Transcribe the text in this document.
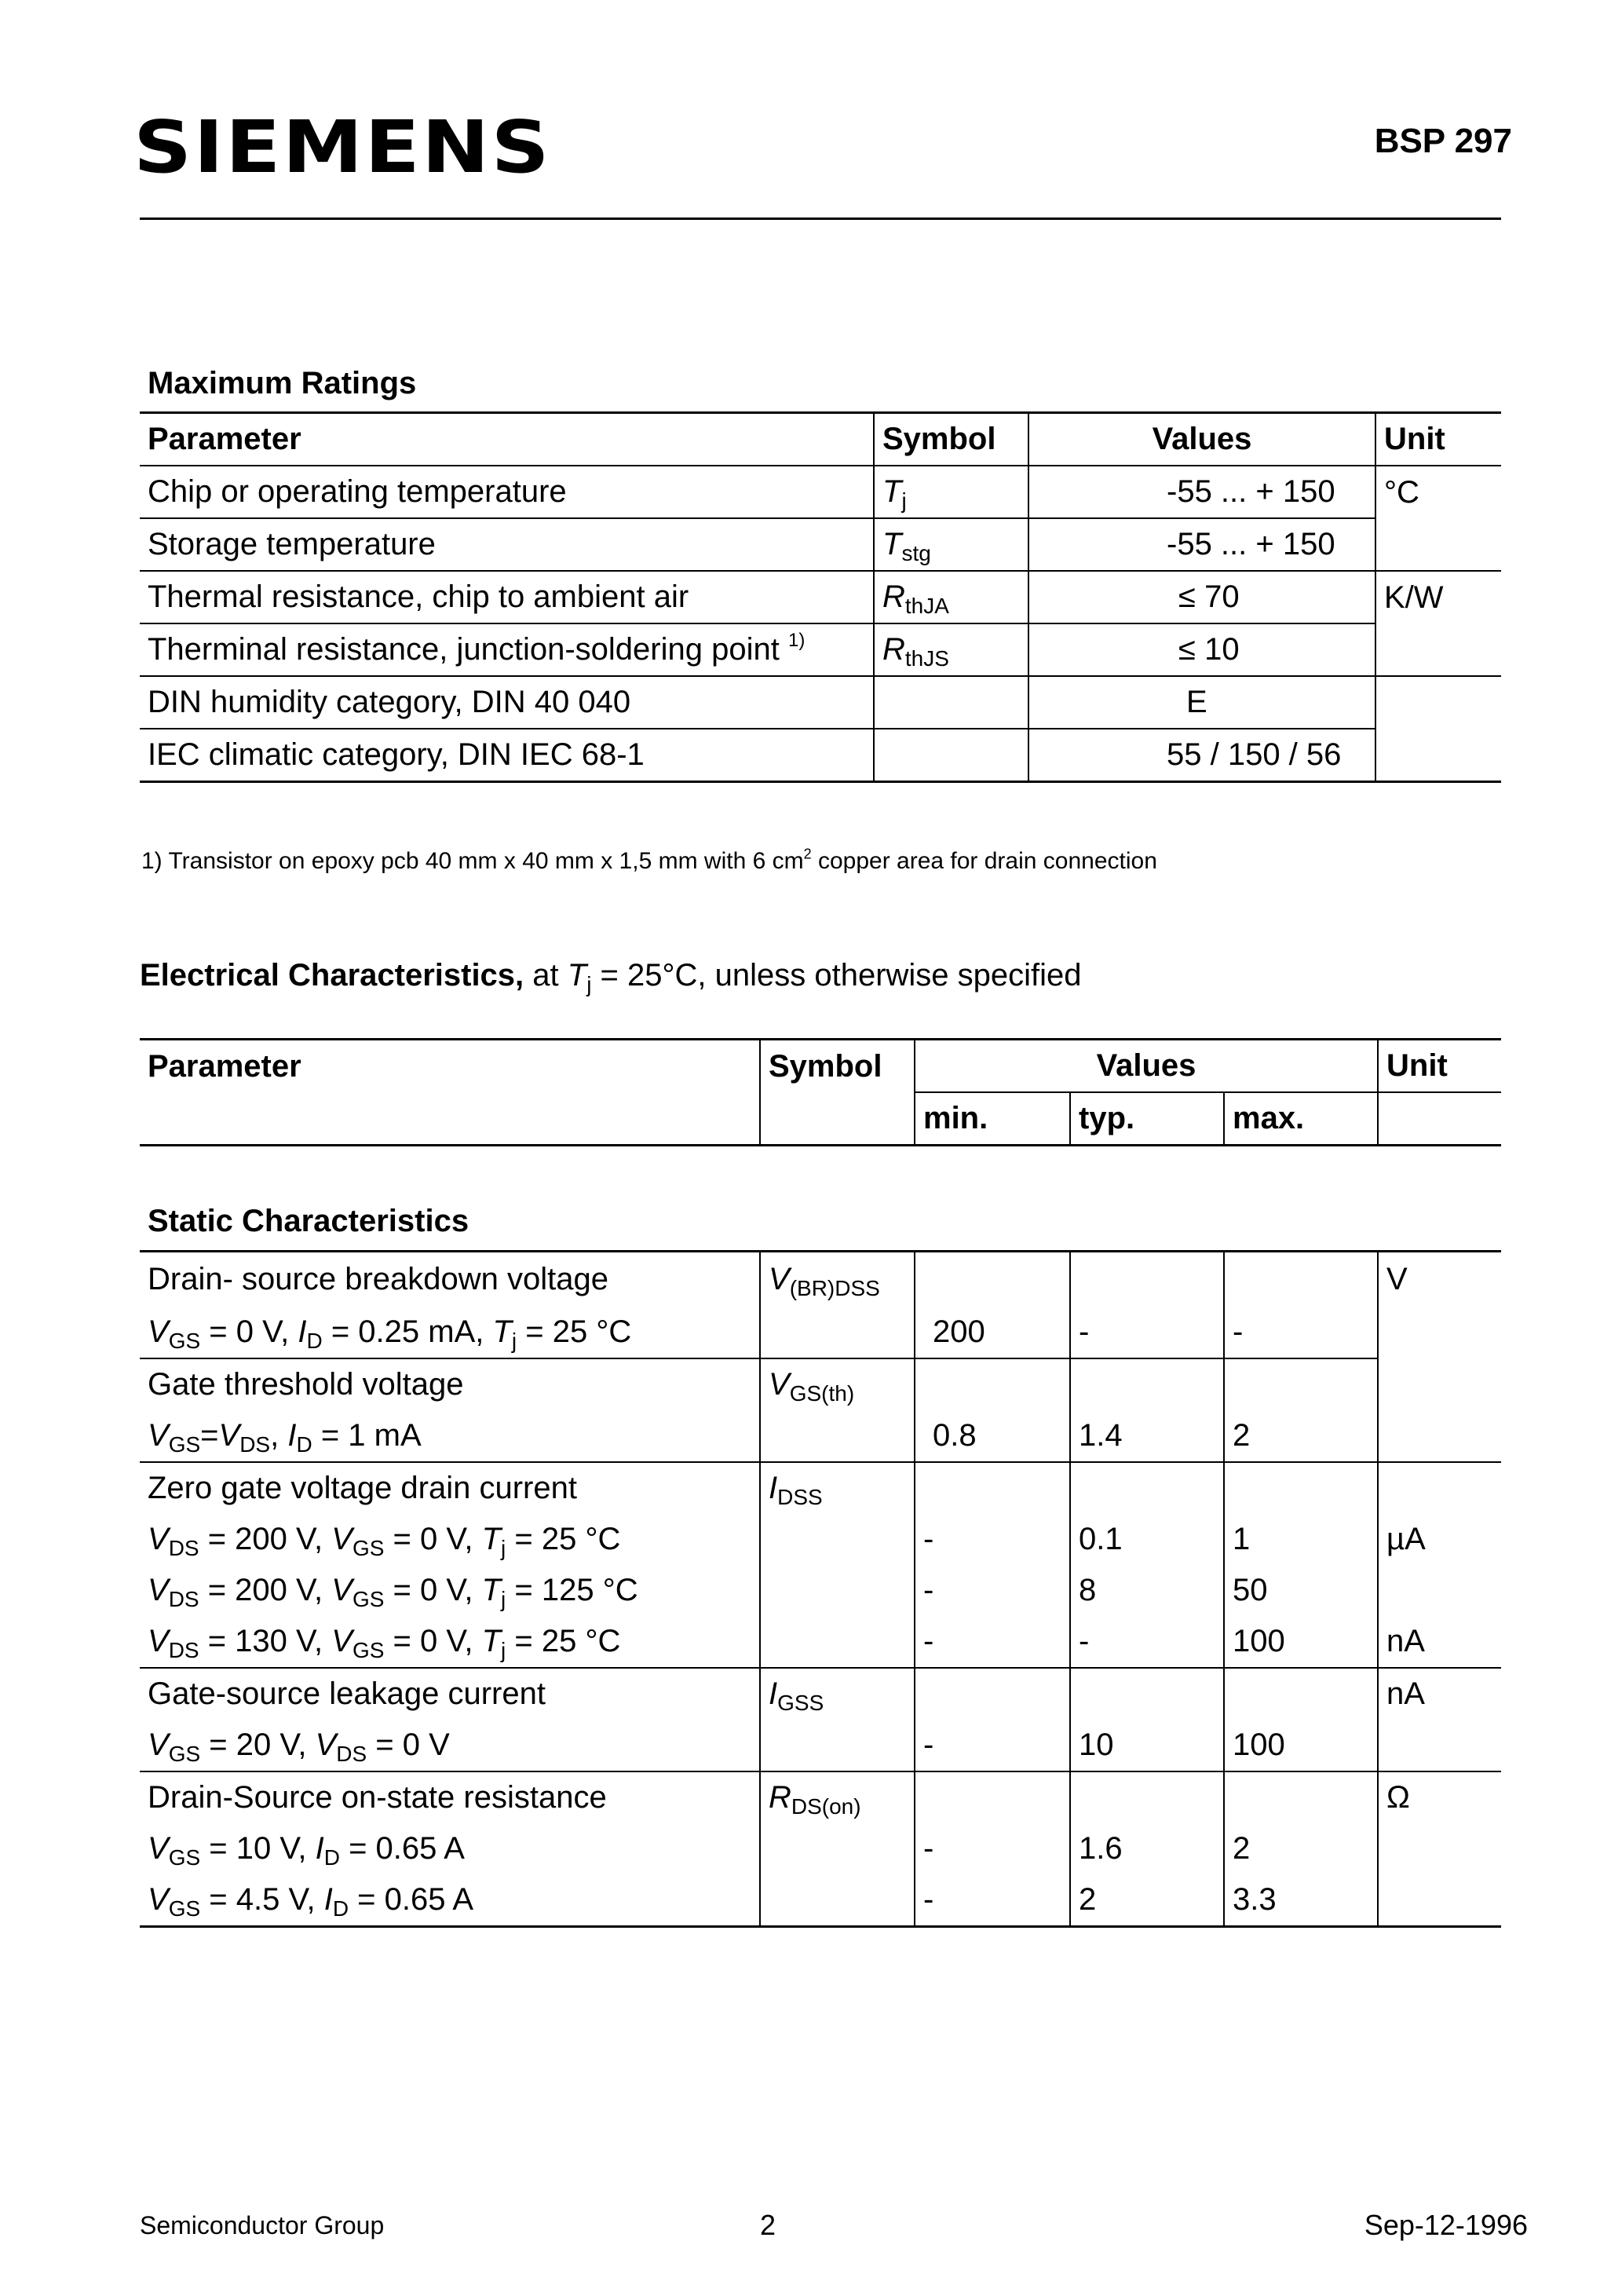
SIEMENS	BSP 297
Maximum Ratings
Parameter	Symbol	Values	Unit
Chip or operating temperature	$T_j$	-55 ... + 150	°C
Storage temperature	$T_{stg}$	-55 ... + 150	
Thermal resistance, chip to ambient air	$R_{thJA}$	≤ 70	K/W
Therminal resistance, junction-soldering point $^{1)}$	$R_{thJS}$	≤ 10	
DIN humidity category, DIN 40 040		E	
IEC climatic category, DIN IEC 68-1		55 / 150 / 56	
1) Transistor on epoxy pcb 40 mm x 40 mm x 1,5 mm with 6 $cm^2$ copper area for drain connection
Electrical Characteristics, at $T_j = 25^\circ C$, unless otherwise specified
Parameter	Symbol	Values			Unit
		min.	typ.	max.	
Static Characteristics					
Drain- source breakdown voltage	$V_{(BR)DSS}$				V
$V_{GS} = 0$ V, $I_D = 0.25$ mA, $T_j = 25$ °C		200	-	-	
Gate threshold voltage	$V_{GS(th)}$				
$V_{GS}=V_{DS}$, $I_D = 1$ mA		0.8	1.4	2	
Zero gate voltage drain current	$I_{DSS}$				
$V_{DS} = 200$ V, $V_{GS} = 0$ V, $T_j = 25$ °C		-	0.1	1	µA
$V_{DS} = 200$ V, $V_{GS} = 0$ V, $T_j = 125$ °C		-	8	50	
$V_{DS} = 130$ V, $V_{GS} = 0$ V, $T_j = 25$ °C		-	-	100	nA
Gate-source leakage current	$I_{GSS}$				nA
$V_{GS} = 20$ V, $V_{DS} = 0$ V		-	10	100	
Drain-Source on-state resistance	$R_{DS(on)}$				Ω
$V_{GS} = 10$ V, $I_D = 0.65$ A		-	1.6	2	
$V_{GS} = 4.5$ V, $I_D = 0.65$ A		-	2	3.3	
Semiconductor Group	2	Sep-12-1996
